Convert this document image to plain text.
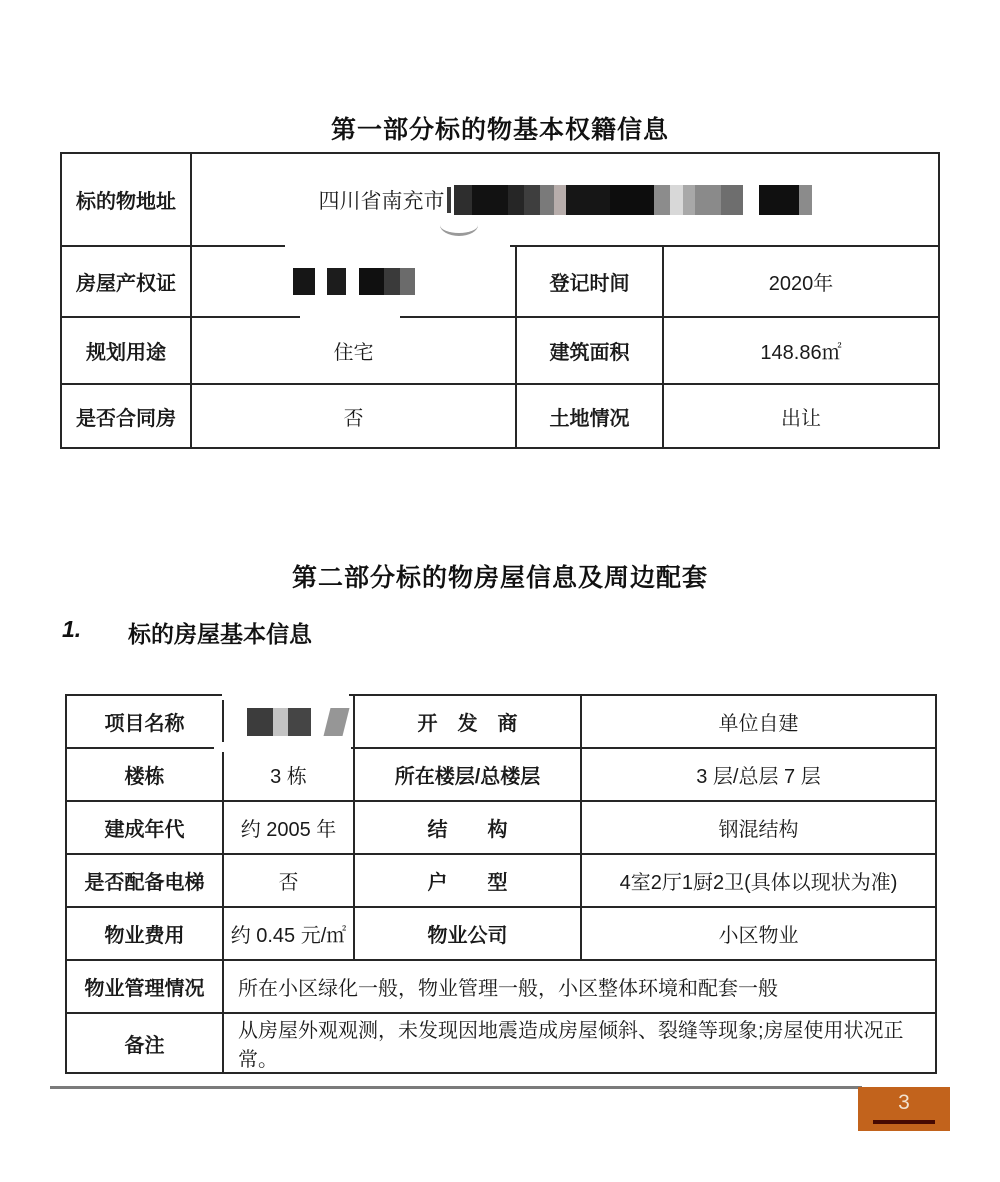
第一部分标的物基本权籍信息
标的物地址	四川省南充市		

房屋产权证		登记时间	2020年
规划用途	住宅	建筑面积	148.86㎡
是否合同房	否	土地情况	出让
第二部分标的物房屋信息及周边配套
1. 标的房屋基本信息
项目名称		开　发　商	单位自建
楼栋	3 栋	所在楼层/总楼层	3 层/总层 7 层
建成年代	约 2005 年	结　　构	钢混结构
是否配备电梯	否	户　　型	4室2厅1厨2卫(具体以现状为准)
物业费用	约 0.45 元/㎡	物业公司	小区物业
物业管理情况	所在小区绿化一般，物业管理一般，小区整体环境和配套一般		
备注	从房屋外观观测，未发现因地震造成房屋倾斜、裂缝等现象;房屋使用状况正常。		
3
